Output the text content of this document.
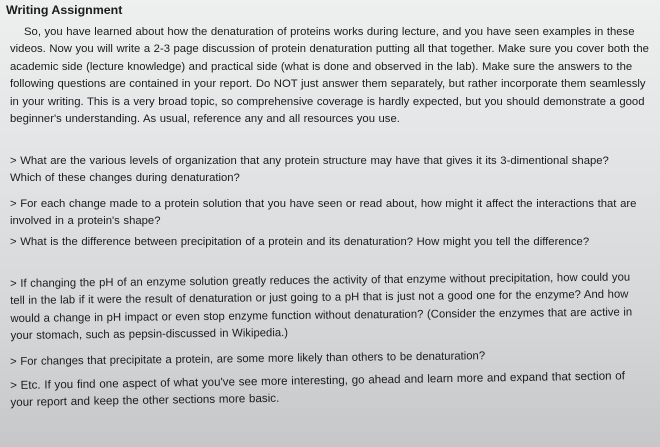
Writing Assignment

So, you have learned about how the denaturation of proteins works during lecture, and you have seen examples in these videos. Now you will write a 2-3 page discussion of protein denaturation putting all that together. Make sure you cover both the academic side (lecture knowledge) and practical side (what is done and observed in the lab). Make sure the answers to the following questions are contained in your report. Do NOT just answer them separately, but rather incorporate them seamlessly in your writing. This is a very broad topic, so comprehensive coverage is hardly expected, but you should demonstrate a good beginner's understanding. As usual, reference any and all resources you use.

> What are the various levels of organization that any protein structure may have that gives it its 3-dimentional shape? Which of these changes during denaturation?

> For each change made to a protein solution that you have seen or read about, how might it affect the interactions that are involved in a protein's shape?

> What is the difference between precipitation of a protein and its denaturation? How might you tell the difference?

> If changing the pH of an enzyme solution greatly reduces the activity of that enzyme without precipitation, how could you tell in the lab if it were the result of denaturation or just going to a pH that is just not a good one for the enzyme? And how would a change in pH impact or even stop enzyme function without denaturation? (Consider the enzymes that are active in your stomach, such as pepsin-discussed in Wikipedia.)

> For changes that precipitate a protein, are some more likely than others to be denaturation?

> Etc. If you find one aspect of what you've see more interesting, go ahead and learn more and expand that section of your report and keep the other sections more basic.
